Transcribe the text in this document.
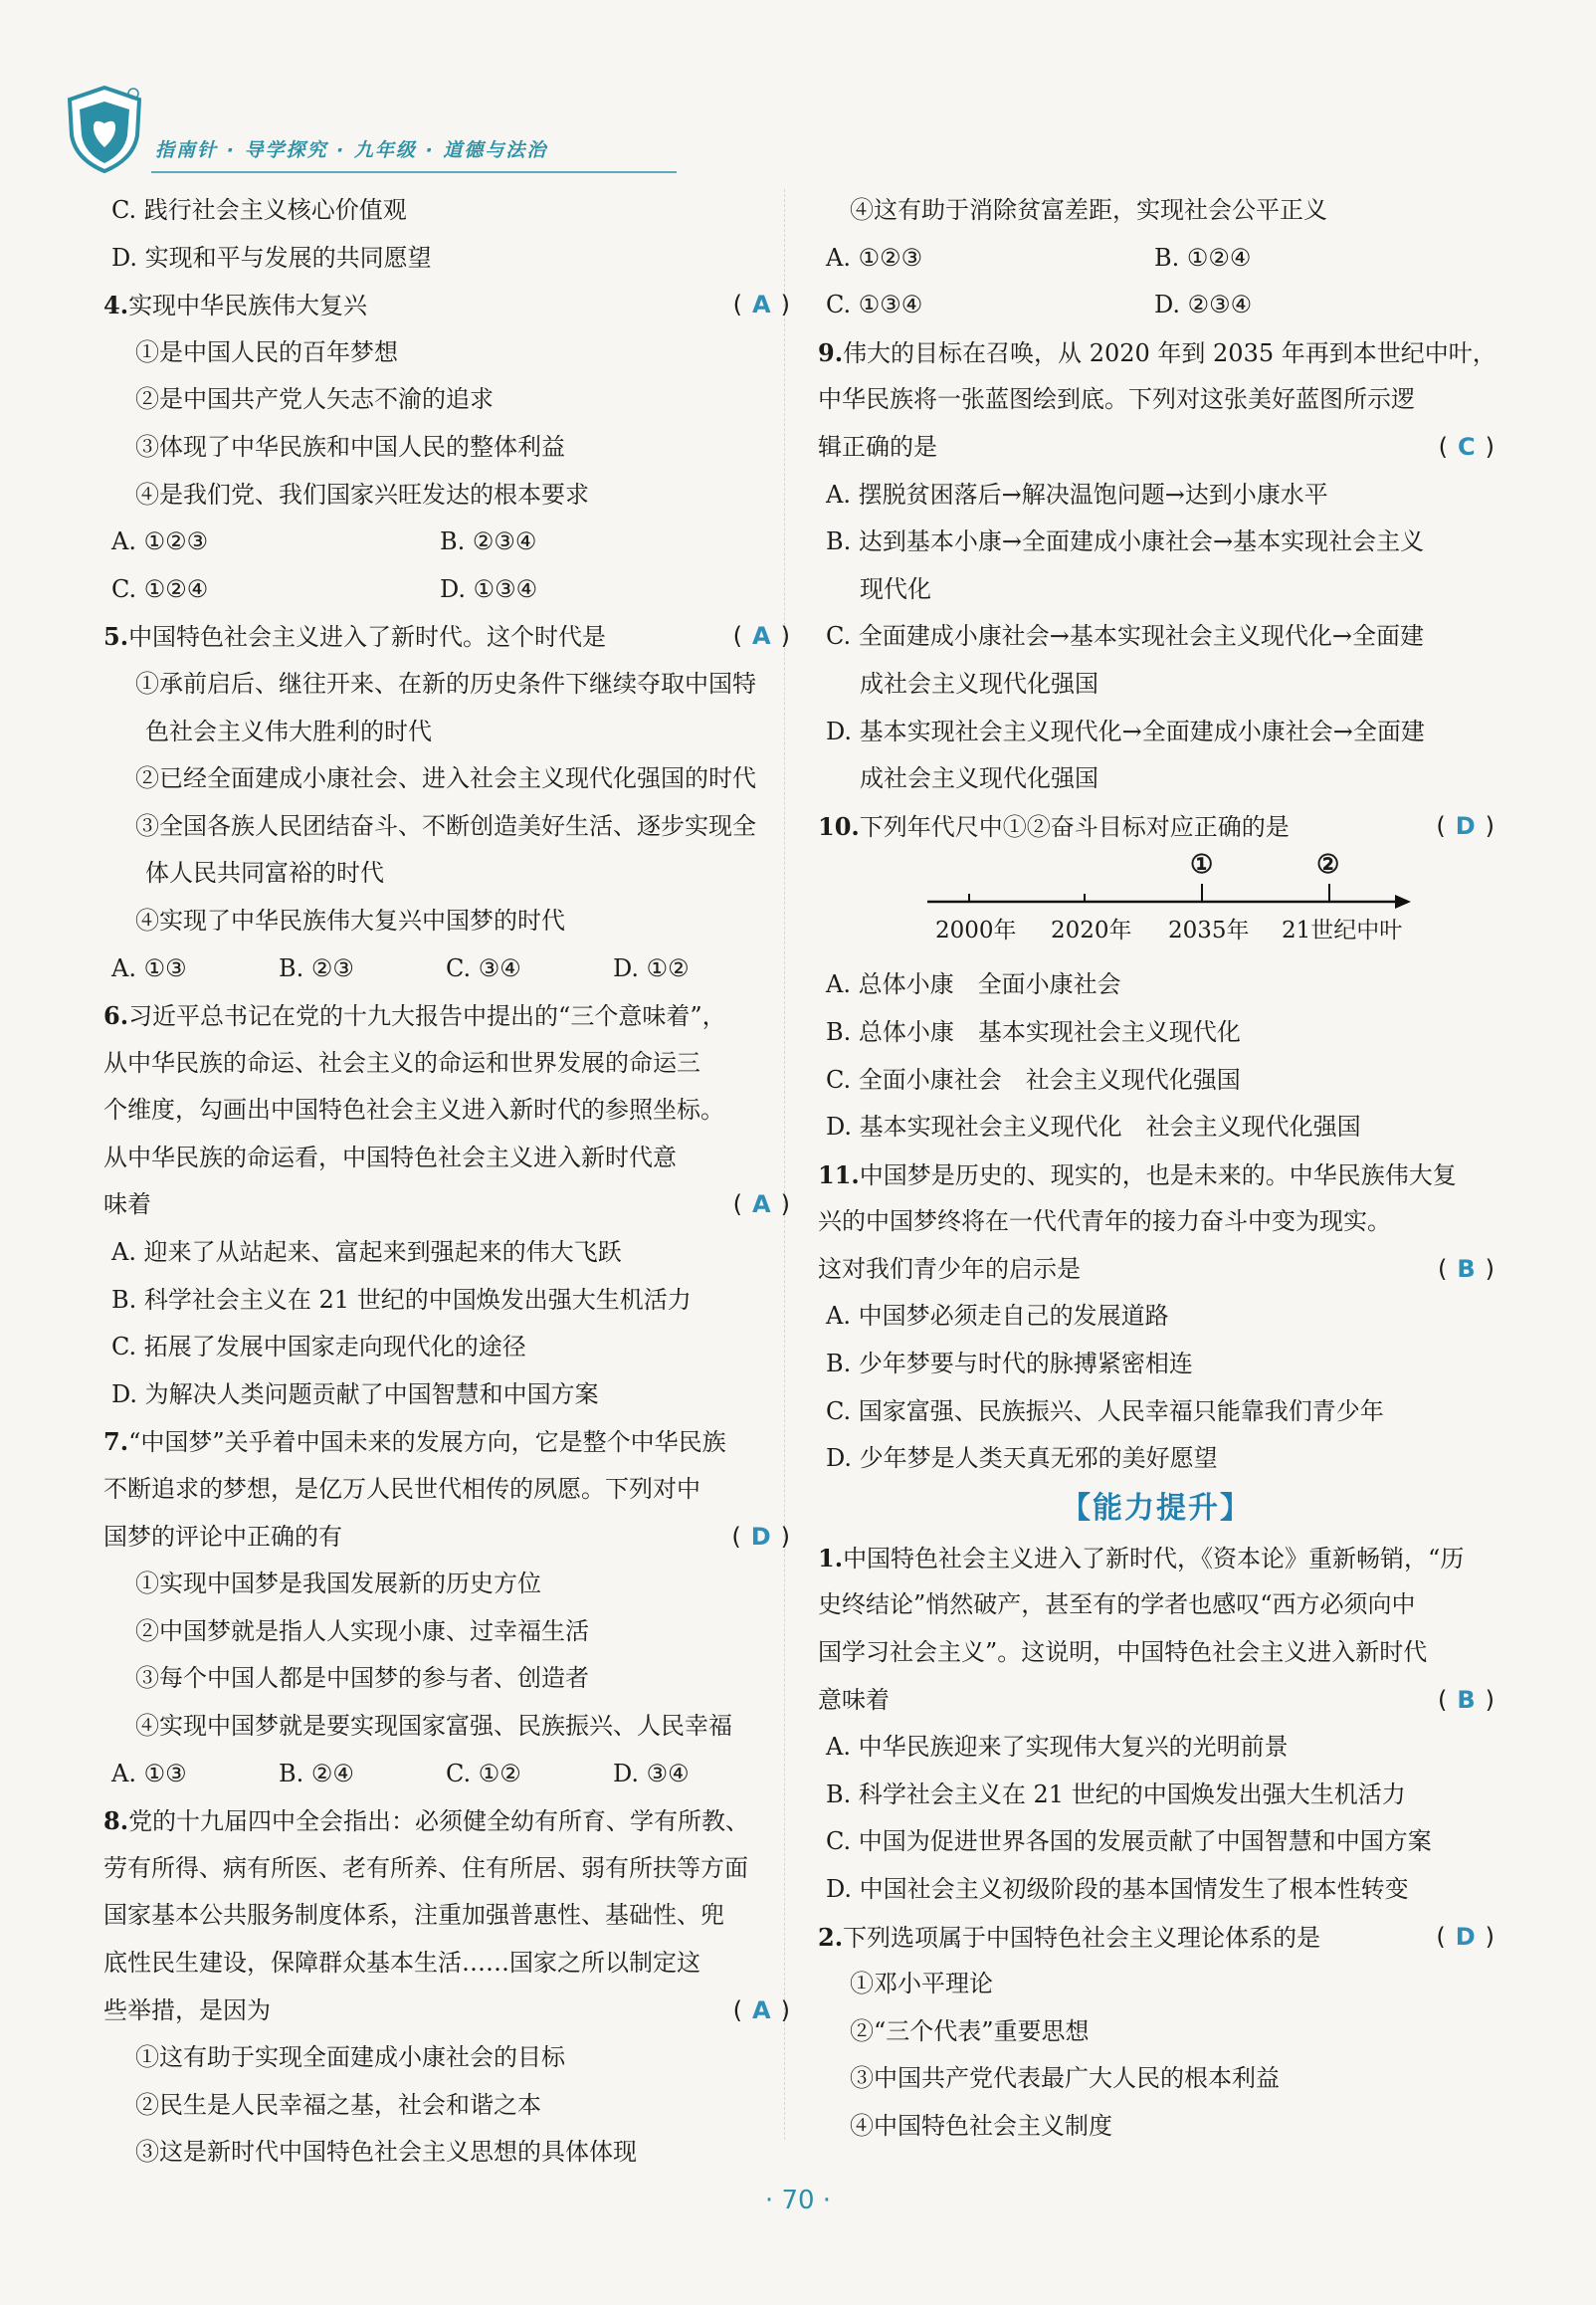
指南针 · 导学探究 · 九年级 · 道德与法治
C. 践行社会主义核心价值观
D. 实现和平与发展的共同愿望
4.实现中华民族伟大复兴	( A )
①是中国人民的百年梦想
②是中国共产党人矢志不渝的追求
③体现了中华民族和中国人民的整体利益
④是我们党、我们国家兴旺发达的根本要求
A. ①②③	B. ②③④
C. ①②④	D. ①③④
5.中国特色社会主义进入了新时代。这个时代是	( A )
①承前启后、继往开来、在新的历史条件下继续夺取中国特
色社会主义伟大胜利的时代
②已经全面建成小康社会、进入社会主义现代化强国的时代
③全国各族人民团结奋斗、不断创造美好生活、逐步实现全
体人民共同富裕的时代
④实现了中华民族伟大复兴中国梦的时代
A. ①③	B. ②③	C. ③④	D. ①②
6.习近平总书记在党的十九大报告中提出的“三个意味着”，
从中华民族的命运、社会主义的命运和世界发展的命运三
个维度，勾画出中国特色社会主义进入新时代的参照坐标。
从中华民族的命运看，中国特色社会主义进入新时代意
味着	( A )
A. 迎来了从站起来、富起来到强起来的伟大飞跃
B. 科学社会主义在 21 世纪的中国焕发出强大生机活力
C. 拓展了发展中国家走向现代化的途径
D. 为解决人类问题贡献了中国智慧和中国方案
7.“中国梦”关乎着中国未来的发展方向，它是整个中华民族
不断追求的梦想，是亿万人民世代相传的夙愿。下列对中
国梦的评论中正确的有	( D )
①实现中国梦是我国发展新的历史方位
②中国梦就是指人人实现小康、过幸福生活
③每个中国人都是中国梦的参与者、创造者
④实现中国梦就是要实现国家富强、民族振兴、人民幸福
A. ①③	B. ②④	C. ①②	D. ③④
8.党的十九届四中全会指出：必须健全幼有所育、学有所教、
劳有所得、病有所医、老有所养、住有所居、弱有所扶等方面
国家基本公共服务制度体系，注重加强普惠性、基础性、兜
底性民生建设，保障群众基本生活……国家之所以制定这
些举措，是因为	( A )
①这有助于实现全面建成小康社会的目标
②民生是人民幸福之基，社会和谐之本
③这是新时代中国特色社会主义思想的具体体现
④这有助于消除贫富差距，实现社会公平正义
A. ①②③	B. ①②④
C. ①③④	D. ②③④
9.伟大的目标在召唤，从 2020 年到 2035 年再到本世纪中叶，
中华民族将一张蓝图绘到底。下列对这张美好蓝图所示逻
辑正确的是	( C )
A. 摆脱贫困落后→解决温饱问题→达到小康水平
B. 达到基本小康→全面建成小康社会→基本实现社会主义
现代化
C. 全面建成小康社会→基本实现社会主义现代化→全面建
成社会主义现代化强国
D. 基本实现社会主义现代化→全面建成小康社会→全面建
成社会主义现代化强国
10.下列年代尺中①②奋斗目标对应正确的是	( D )
2000年 2020年 2035年 21世纪中叶
①	②
A. 总体小康　全面小康社会
B. 总体小康　基本实现社会主义现代化
C. 全面小康社会　社会主义现代化强国
D. 基本实现社会主义现代化　社会主义现代化强国
11.中国梦是历史的、现实的，也是未来的。中华民族伟大复
兴的中国梦终将在一代代青年的接力奋斗中变为现实。
这对我们青少年的启示是	( B )
A. 中国梦必须走自己的发展道路
B. 少年梦要与时代的脉搏紧密相连
C. 国家富强、民族振兴、人民幸福只能靠我们青少年
D. 少年梦是人类天真无邪的美好愿望
【能力提升】
1.中国特色社会主义进入了新时代，《资本论》重新畅销，“历
史终结论”悄然破产，甚至有的学者也感叹“西方必须向中
国学习社会主义”。这说明，中国特色社会主义进入新时代
意味着	( B )
A. 中华民族迎来了实现伟大复兴的光明前景
B. 科学社会主义在 21 世纪的中国焕发出强大生机活力
C. 中国为促进世界各国的发展贡献了中国智慧和中国方案
D. 中国社会主义初级阶段的基本国情发生了根本性转变
2.下列选项属于中国特色社会主义理论体系的是	( D )
①邓小平理论
②“三个代表”重要思想
③中国共产党代表最广大人民的根本利益
④中国特色社会主义制度
· 70 ·
